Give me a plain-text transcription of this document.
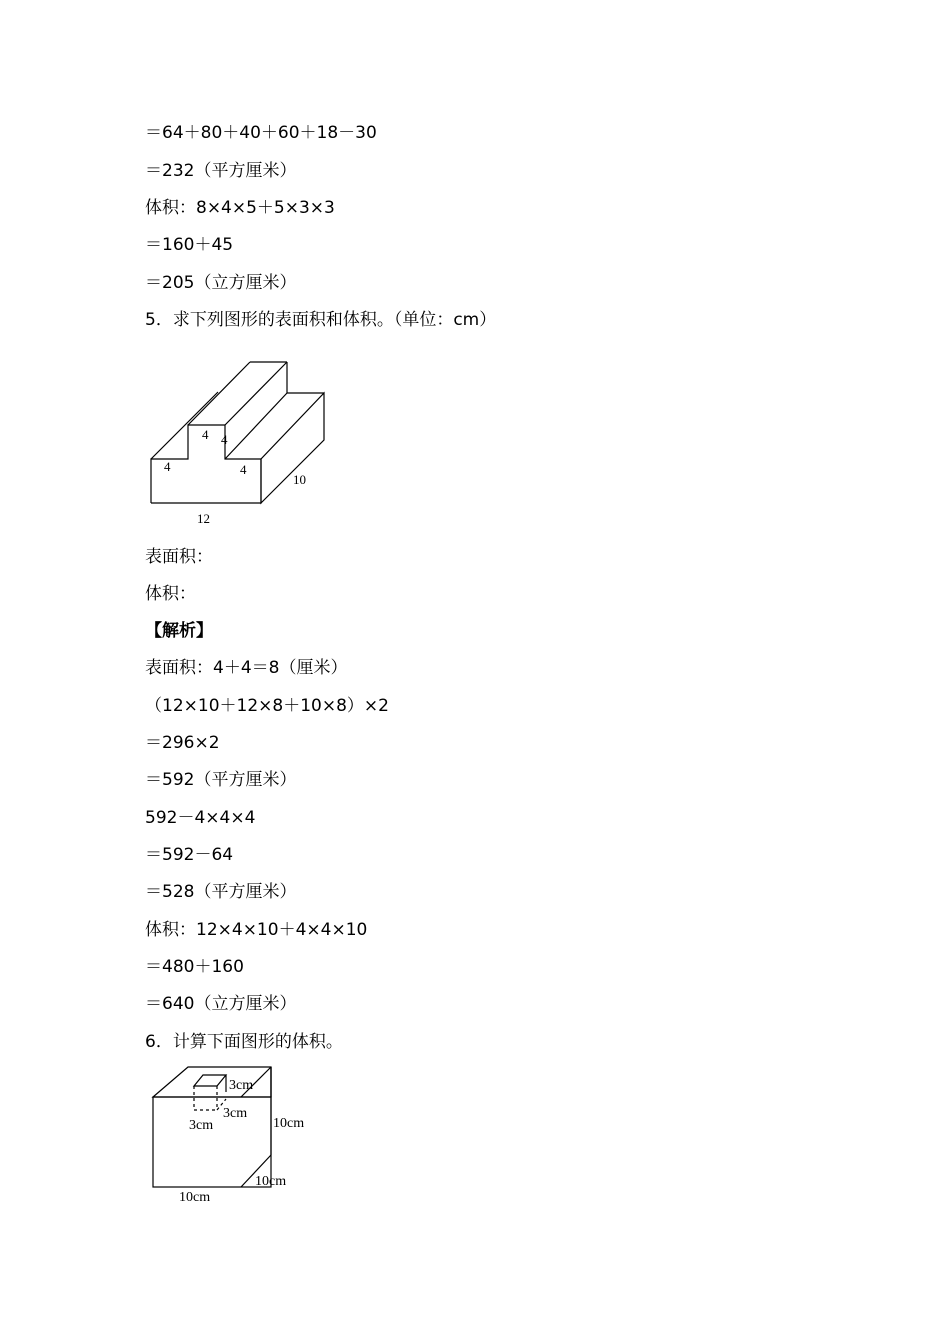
＝64＋80＋40＋60＋18－30
＝232（平方厘米）
体积：8×4×5＋5×3×3
＝160＋45
＝205（立方厘米）
5．求下列图形的表面积和体积。（单位：cm）
4 4
4	4
10
12
表面积：
体积：
【解析】
表面积：4＋4＝8（厘米）
（12×10＋12×8＋10×8）×2
＝296×2
＝592（平方厘米）
592－4×4×4
＝592－64
＝528（平方厘米）
体积：12×4×10＋4×4×10
＝480＋160
＝640（立方厘米）
6．计算下面图形的体积。
3cm
3cm
3cm	10cm
10cm
10cm
